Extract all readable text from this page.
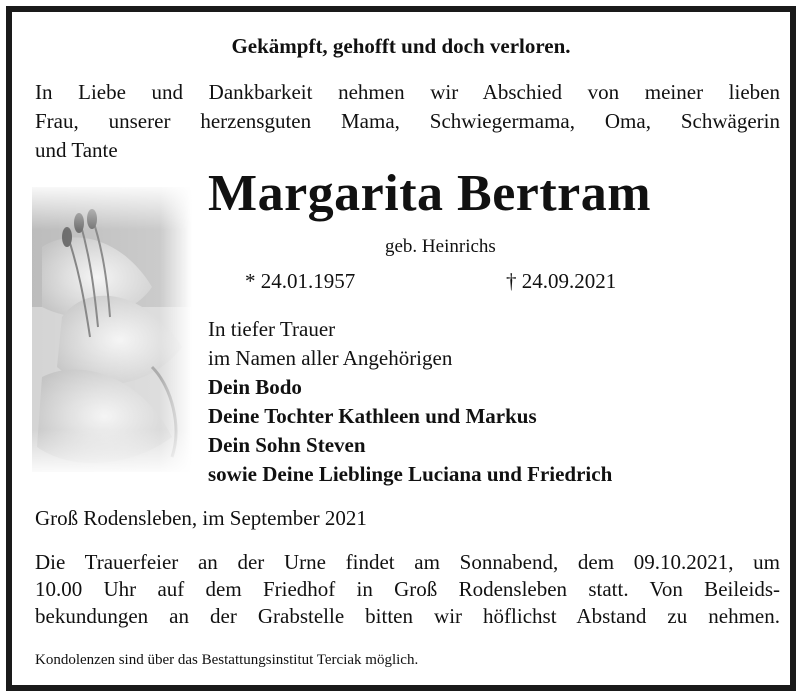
Gekämpft, gehofft und doch verloren.
In Liebe und Dankbarkeit nehmen wir Abschied von meiner lieben
Frau, unserer herzensguten Mama, Schwiegermama, Oma, Schwägerin
und Tante
Margarita Bertram
geb. Heinrichs
* 24.01.1957	† 24.09.2021
In tiefer Trauer
im Namen aller Angehörigen
Dein Bodo
Deine Tochter Kathleen und Markus
Dein Sohn Steven
sowie Deine Lieblinge Luciana und Friedrich
Groß Rodensleben, im September 2021
Die Trauerfeier an der Urne findet am Sonnabend, dem 09.10.2021, um
10.00 Uhr auf dem Friedhof in Groß Rodensleben statt. Von Beileids-
bekundungen an der Grabstelle bitten wir höflichst Abstand zu nehmen.
Kondolenzen sind über das Bestattungsinstitut Terciak möglich.
